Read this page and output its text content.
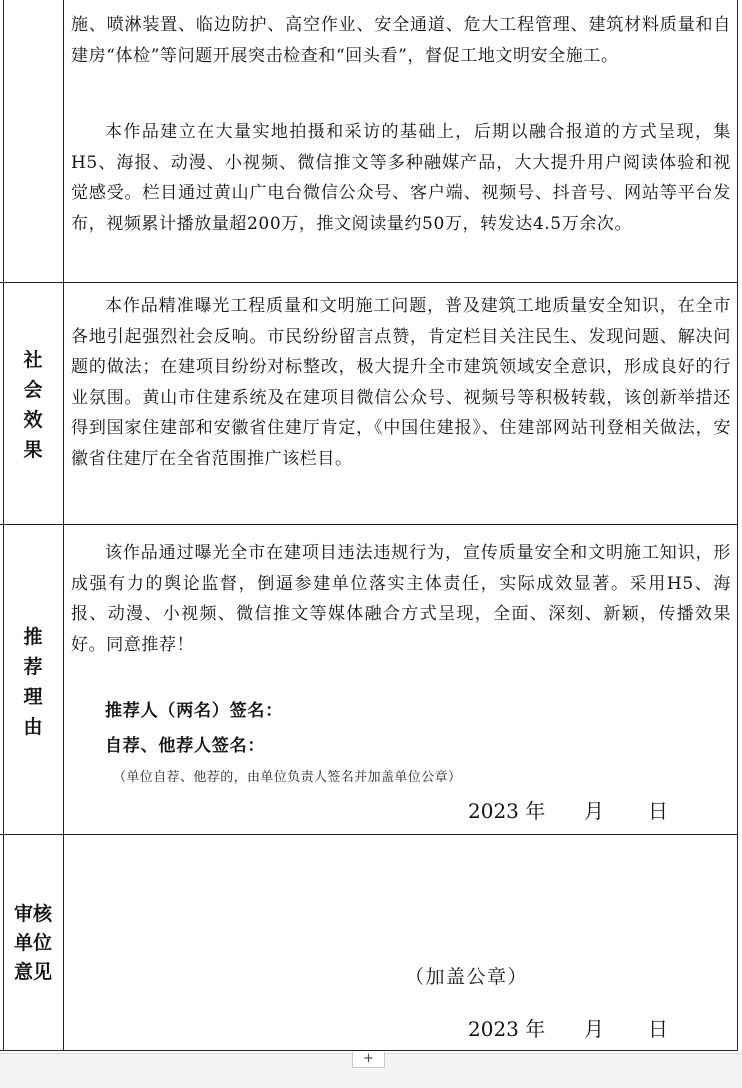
施、喷淋装置、临边防护、高空作业、安全通道、危大工程管理、建筑材料质量和自建房“体检”等问题开展突击检查和“回头看”，督促工地文明安全施工。

本作品建立在大量实地拍摄和采访的基础上，后期以融合报道的方式呈现，集H5、海报、动漫、小视频、微信推文等多种融媒产品，大大提升用户阅读体验和视觉感受。栏目通过黄山广电台微信公众号、客户端、视频号、抖音号、网站等平台发布，视频累计播放量超200万，推文阅读量约50万，转发达4.5万余次。

社
会
效
果

本作品精准曝光工程质量和文明施工问题，普及建筑工地质量安全知识，在全市各地引起强烈社会反响。市民纷纷留言点赞，肯定栏目关注民生、发现问题、解决问题的做法；在建项目纷纷对标整改，极大提升全市建筑领域安全意识，形成良好的行业氛围。黄山市住建系统及在建项目微信公众号、视频号等积极转载，该创新举措还得到国家住建部和安徽省住建厅肯定，《中国住建报》、住建部网站刊登相关做法，安徽省住建厅在全省范围推广该栏目。

推
荐
理
由

该作品通过曝光全市在建项目违法违规行为，宣传质量安全和文明施工知识，形成强有力的舆论监督，倒逼参建单位落实主体责任，实际成效显著。采用H5、海报、动漫、小视频、微信推文等媒体融合方式呈现，全面、深刻、新颖，传播效果好。同意推荐！

推荐人（两名）签名：
自荐、他荐人签名：
（单位自荐、他荐的，由单位负责人签名并加盖单位公章）
2023 年 月 日
审核
单位
意见	（加盖公章）
2023 年 月 日
+
